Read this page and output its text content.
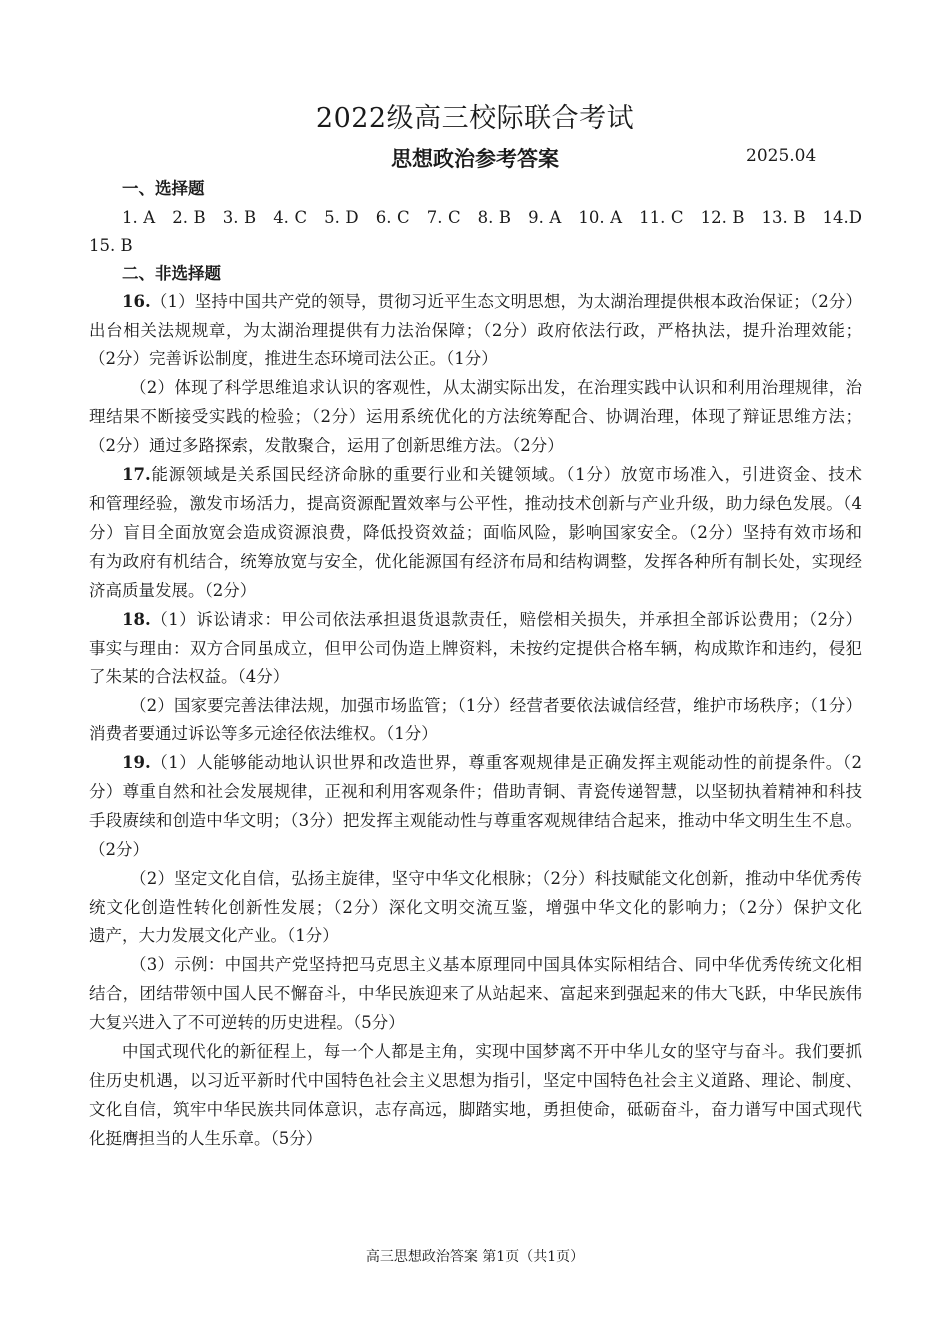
2022级高三校际联合考试
思想政治参考答案	2025.04
一、选择题
1. A　2. B　3. B　4. C　5. D　6. C　7. C　8. B　9. A　10. A　11. C　12. B　13. B　14.D
15. B
二、非选择题
16.（1）坚持中国共产党的领导，贯彻习近平生态文明思想，为太湖治理提供根本政治保证；（2分）
出台相关法规规章，为太湖治理提供有力法治保障；（2分）政府依法行政，严格执法，提升治理效能；
（2分）完善诉讼制度，推进生态环境司法公正。（1分）
（2）体现了科学思维追求认识的客观性，从太湖实际出发，在治理实践中认识和利用治理规律，治
理结果不断接受实践的检验；（2分）运用系统优化的方法统筹配合、协调治理，体现了辩证思维方法；
（2分）通过多路探索，发散聚合，运用了创新思维方法。（2分）
17.能源领域是关系国民经济命脉的重要行业和关键领域。（1分）放宽市场准入，引进资金、技术
和管理经验，激发市场活力，提高资源配置效率与公平性，推动技术创新与产业升级，助力绿色发展。（4
分）盲目全面放宽会造成资源浪费，降低投资效益；面临风险，影响国家安全。（2分）坚持有效市场和
有为政府有机结合，统筹放宽与安全，优化能源国有经济布局和结构调整，发挥各种所有制长处，实现经
济高质量发展。（2分）
18.（1）诉讼请求：甲公司依法承担退货退款责任，赔偿相关损失，并承担全部诉讼费用；（2分）
事实与理由：双方合同虽成立，但甲公司伪造上牌资料，未按约定提供合格车辆，构成欺诈和违约，侵犯
了朱某的合法权益。（4分）
（2）国家要完善法律法规，加强市场监管；（1分）经营者要依法诚信经营，维护市场秩序；（1分）
消费者要通过诉讼等多元途径依法维权。（1分）
19.（1）人能够能动地认识世界和改造世界，尊重客观规律是正确发挥主观能动性的前提条件。（2
分）尊重自然和社会发展规律，正视和利用客观条件；借助青铜、青瓷传递智慧，以坚韧执着精神和科技
手段赓续和创造中华文明；（3分）把发挥主观能动性与尊重客观规律结合起来，推动中华文明生生不息。
（2分）
（2）坚定文化自信，弘扬主旋律，坚守中华文化根脉；（2分）科技赋能文化创新，推动中华优秀传
统文化创造性转化创新性发展；（2分）深化文明交流互鉴，增强中华文化的影响力；（2分）保护文化
遗产，大力发展文化产业。（1分）
（3）示例：中国共产党坚持把马克思主义基本原理同中国具体实际相结合、同中华优秀传统文化相
结合，团结带领中国人民不懈奋斗，中华民族迎来了从站起来、富起来到强起来的伟大飞跃，中华民族伟
大复兴进入了不可逆转的历史进程。（5分）
中国式现代化的新征程上，每一个人都是主角，实现中国梦离不开中华儿女的坚守与奋斗。我们要抓
住历史机遇，以习近平新时代中国特色社会主义思想为指引，坚定中国特色社会主义道路、理论、制度、
文化自信，筑牢中华民族共同体意识，志存高远，脚踏实地，勇担使命，砥砺奋斗，奋力谱写中国式现代
化挺膺担当的人生乐章。（5分）
高三思想政治答案 第1页（共1页）
